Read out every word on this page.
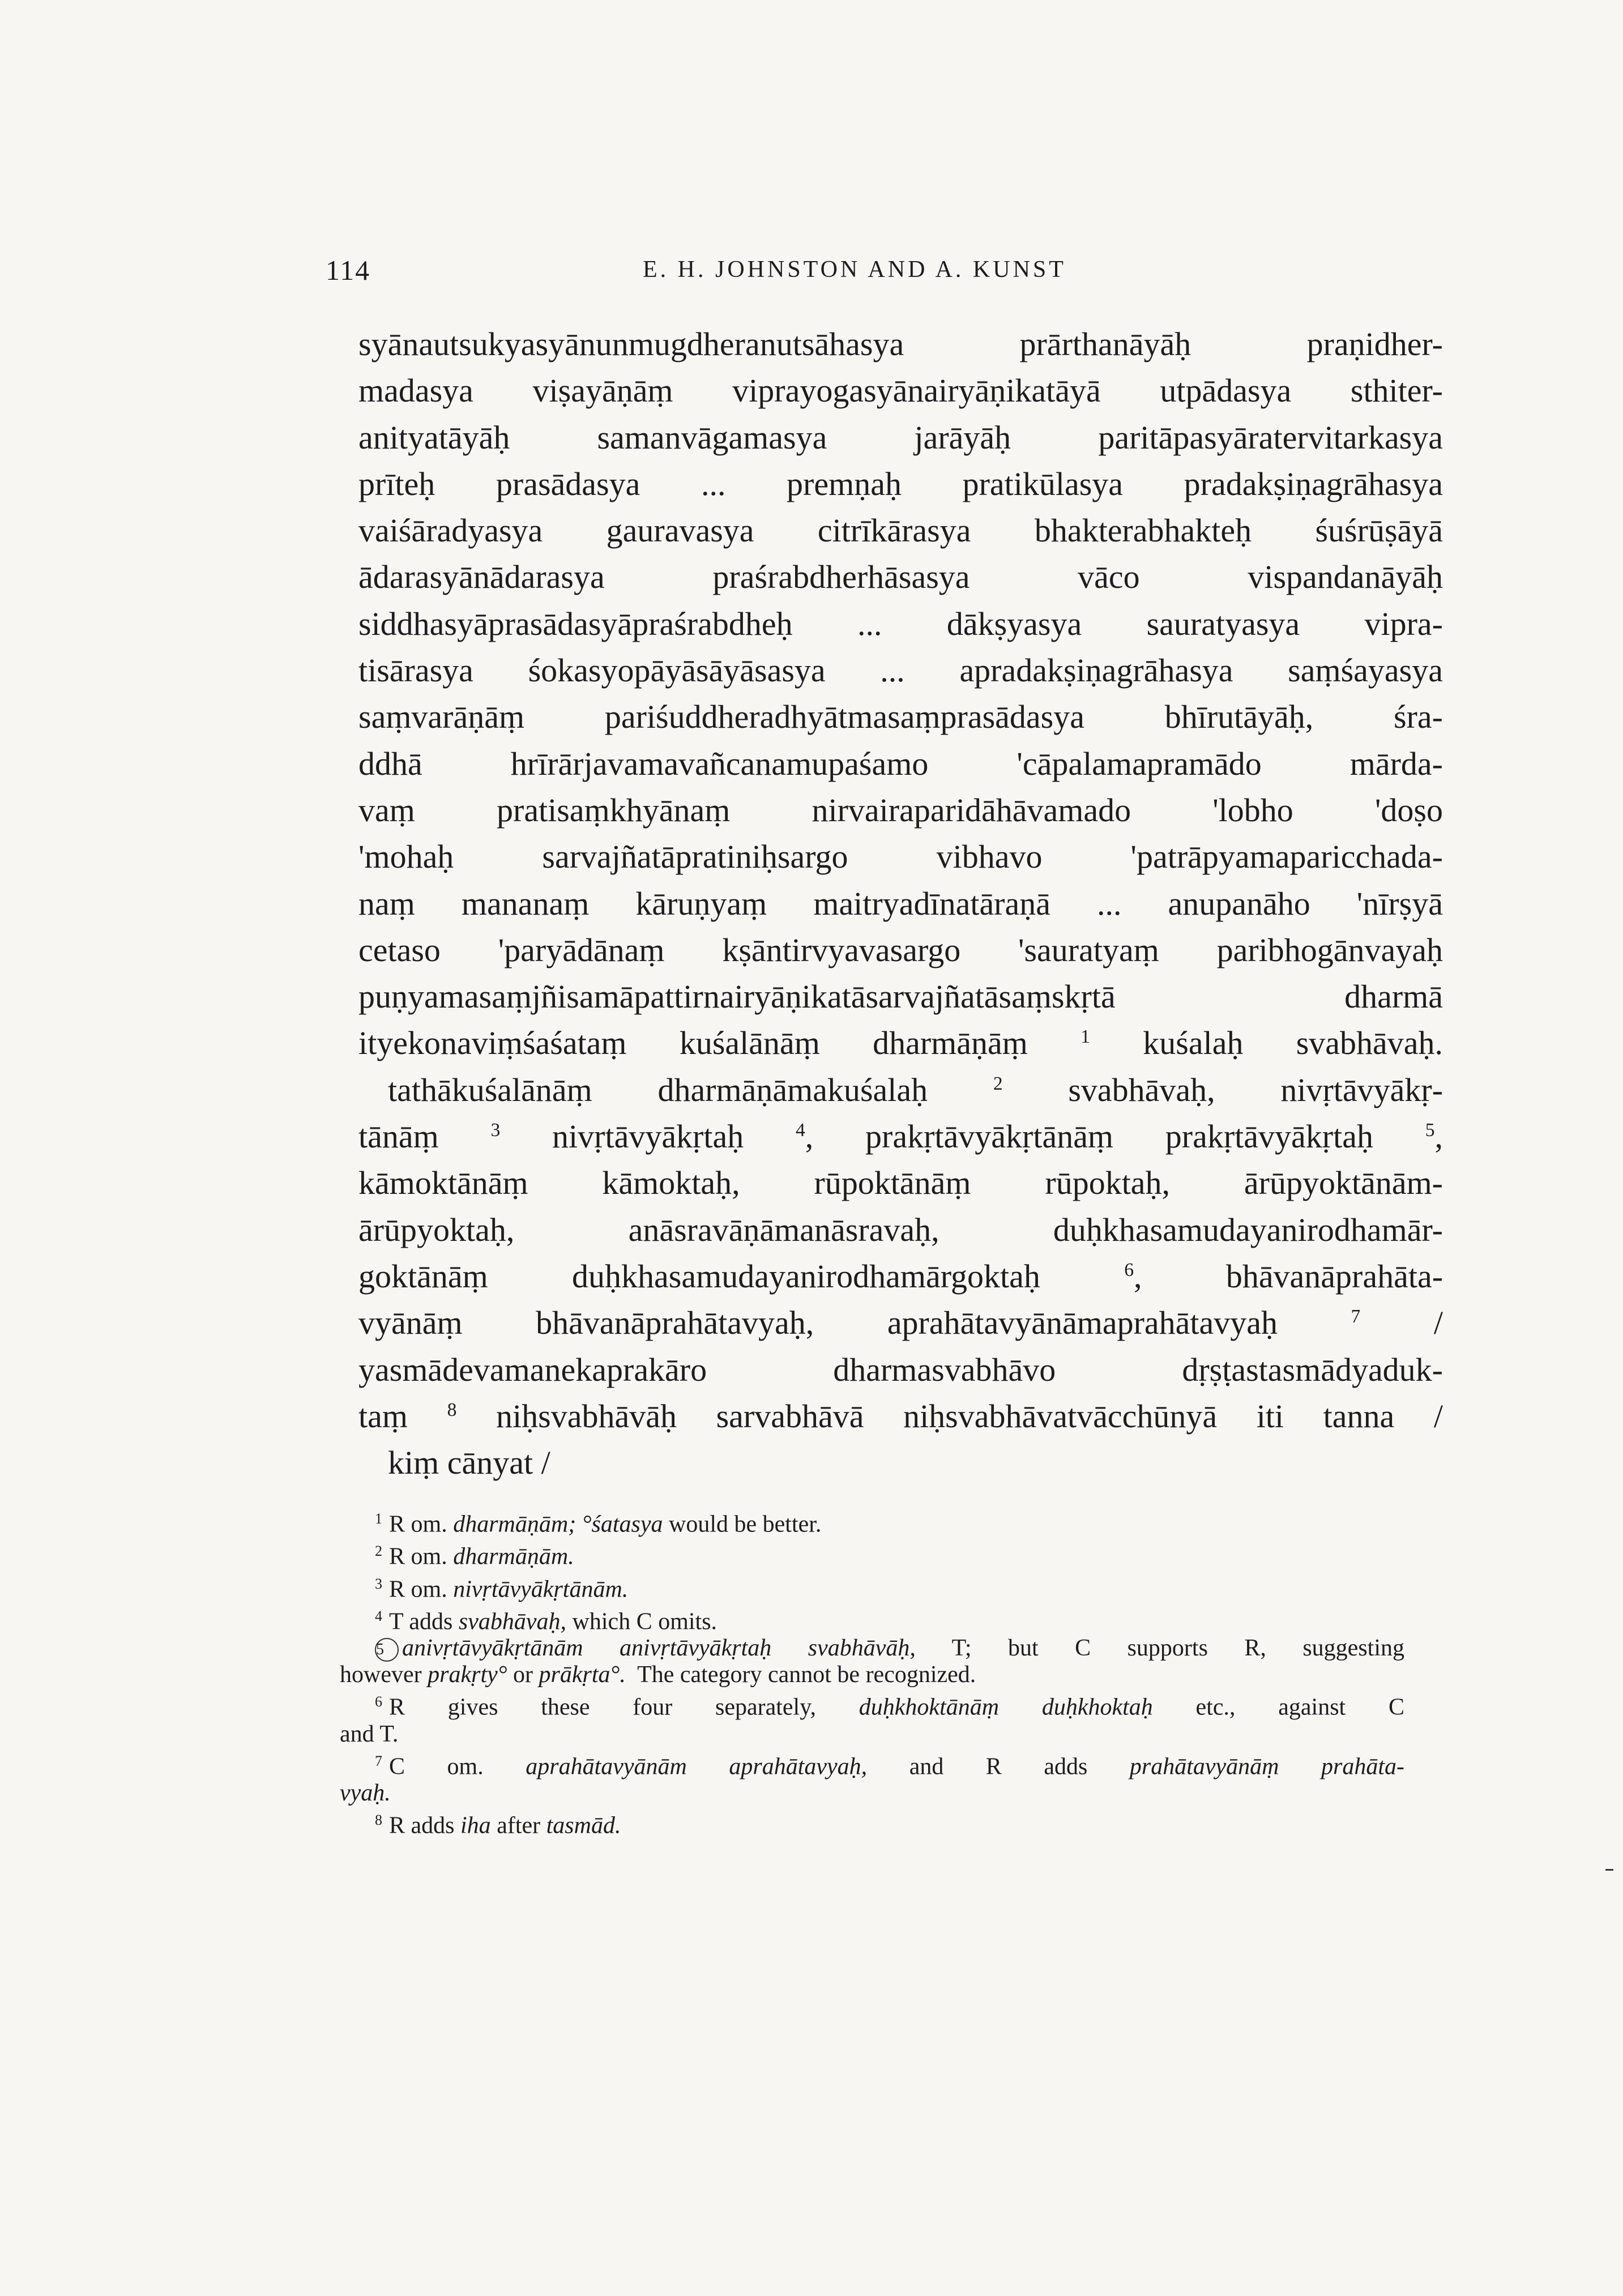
114	E. H. JOHNSTON AND A. KUNST
syānautsukyasyānunmugdheranutsāhasya prārthanāyāḥ praṇidher-
madasya viṣayāṇāṃ viprayogasyānairyāṇikatāyā utpādasya sthiter-
anityatāyāḥ samanvāgamasya jarāyāḥ paritāpasyāratervitarkasya
prīteḥ prasādasya ... premṇaḥ pratikūlasya pradakṣiṇagrāhasya
vaiśāradyasya gauravasya citrīkārasya bhakterabhakteḥ śuśrūṣāyā
ādarasyānādarasya praśrabdherhāsasya vāco vispandanāyāḥ
siddhasyāprasādasyāpraśrabdheḥ ... dākṣyasya sauratyasya vipra-
tisārasya śokasyopāyāsāyāsasya ... apradakṣiṇagrāhasya saṃśayasya
saṃvarāṇāṃ pariśuddheradhyātmasaṃprasādasya bhīrutāyāḥ, śra-
ddhā hrīrārjavamavañcanamupaśamo 'cāpalamapramādo mārda-
vaṃ pratisaṃkhyānaṃ nirvairaparidāhāvamado 'lobho 'doṣo
'mohaḥ sarvajñatāpratiniḥsargo vibhavo 'patrāpyamaparicchada-
naṃ mananaṃ kāruṇyaṃ maitryadīnatāraṇā ... anupanāho 'nīrṣyā
cetaso 'paryādānaṃ kṣāntirvyavasargo 'sauratyaṃ paribhogānvayaḥ
puṇyamasaṃjñisamāpattirnairyāṇikatāsarvajñatāsaṃskṛtā dharmā
ityekonaviṃśaśataṃ kuśalānāṃ dharmāṇāṃ	$^1$ kuśalaḥ svabhāvaḥ.
tathākuśalānāṃ dharmāṇāmakuśalaḥ	$^2$ svabhāvaḥ, nivṛtāvyākṛ-
tānāṃ	$^3$ nivṛtāvyākṛtaḥ	$^4$, prakṛtāvyākṛtānāṃ prakṛtāvyākṛtaḥ	$^5$,
kāmoktānāṃ kāmoktaḥ, rūpoktānāṃ rūpoktaḥ, ārūpyoktānām-
ārūpyoktaḥ, anāsravāṇāmanāsravaḥ, duḥkhasamudayanirodhamār-
goktānāṃ duḥkhasamudayanirodhamārgoktaḥ	$^6$, bhāvanāprahāta-
vyānāṃ bhāvanāprahātavyaḥ, aprahātavyānāmaprahātavyaḥ	$^7$ /
yasmādevamanekaprakāro dharmasvabhāvo dṛṣṭastasmādyaduk-
taṃ $^8$ niḥsvabhāvāḥ sarvabhāvā niḥsvabhāvatvācchūnyā iti tanna /
kiṃ cānyat /
$^1$ R om. dharmāṇām; °śatasya would be better.
$^2$ R om. dharmāṇām.
$^3$ R om. nivṛtāvyākṛtānām.
$^4$ T adds svabhāvaḥ, which C omits.
5 anivṛtāvyākṛtānām anivṛtāvyākṛtaḥ svabhāvāḥ, T; but C supports R, suggesting
however prakṛty° or prākṛta°. The category cannot be recognized.
$^6$ R gives these four separately, duḥkhoktānāṃ duḥkhoktaḥ etc., against C
and T.
$^7$ C om. aprahātavyānām aprahātavyaḥ, and R adds prahātavyānāṃ prahāta-
vyaḥ.
$^8$ R adds iha after tasmād.
